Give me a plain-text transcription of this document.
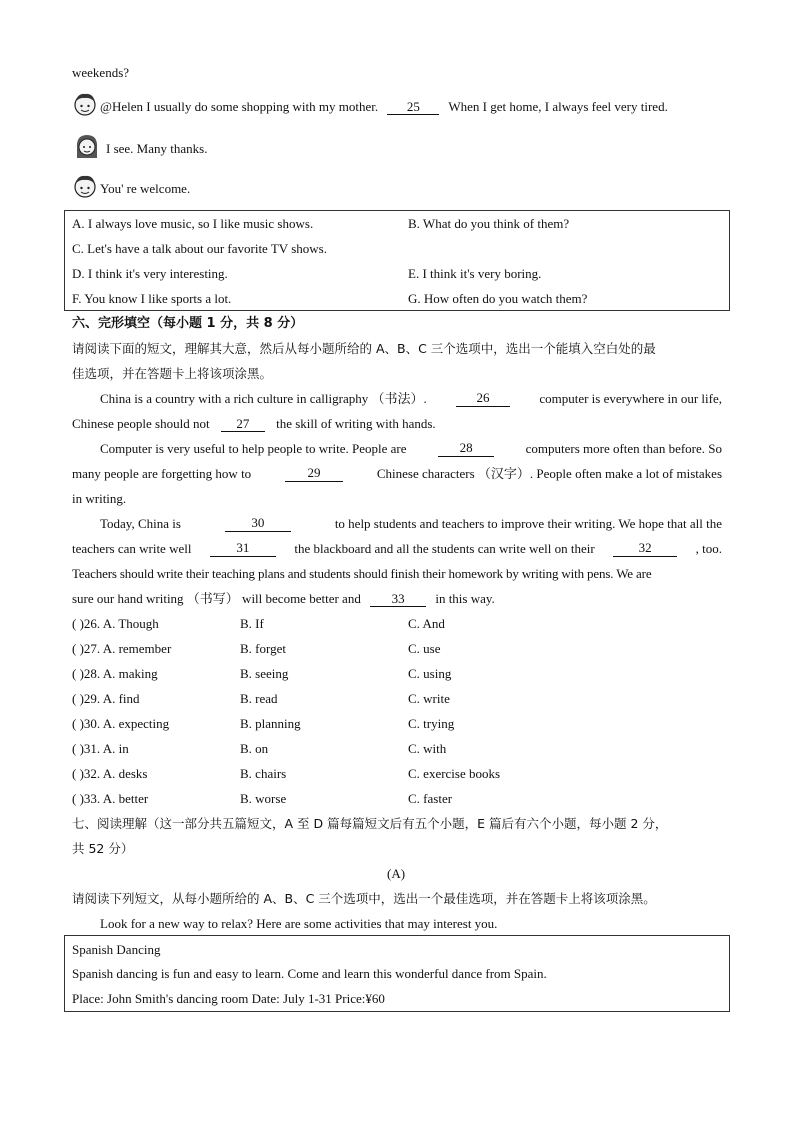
weekends?
@Helen I usually do some shopping with my mother. 25 When I get home, I always feel very tired.
I see. Many thanks.
You' re welcome.
A. I always love music, so I like music shows.	B. What do you think of them?
C. Let's have a talk about our favorite TV shows.
D. I think it's very interesting.	E. I think it's very boring.
F. You know I like sports a lot.	G. How often do you watch them?
六、完形填空（每小题 1 分，共 8 分）
请阅读下面的短文，理解其大意，然后从每小题所给的 A、B、C 三个选项中，选出一个能填入空白处的最
佳选项，并在答题卡上将该项涂黑。
China is a country with a rich culture in calligraphy （书法）.	26	computer is everywhere in our life,
Chinese people should not 27 the skill of writing with hands.
Computer is very useful to help people to write. People are	28	computers more often than before. So
many people are forgetting how to	29	Chinese characters （汉字）. People often make a lot of mistakes
in writing.
Today, China is	30	to help students and teachers to improve their writing. We hope that all the
teachers can write well	31	the blackboard and all the students can write well on their	32	, too.
Teachers should write their teaching plans and students should finish their homework by writing with pens. We are
sure our hand writing （书写） will become better and 33 in this way.
( )26. A. Though	B. If	C. And
( )27. A. remember	B. forget	C. use
( )28. A. making	B. seeing	C. using
( )29. A. find	B. read	C. write
( )30. A. expecting	B. planning	C. trying
( )31. A. in	B. on	C. with
( )32. A. desks	B. chairs	C. exercise books
( )33. A. better	B. worse	C. faster
七、阅读理解（这一部分共五篇短文，A 至 D 篇每篇短文后有五个小题，E 篇后有六个小题，每小题 2 分，
共 52 分）
(A)
请阅读下列短文，从每小题所给的 A、B、C 三个选项中，选出一个最佳选项，并在答题卡上将该项涂黑。
Look for a new way to relax? Here are some activities that may interest you.
Spanish Dancing
Spanish dancing is fun and easy to learn. Come and learn this wonderful dance from Spain.
Place: John Smith's dancing room Date: July 1-31 Price:¥60
